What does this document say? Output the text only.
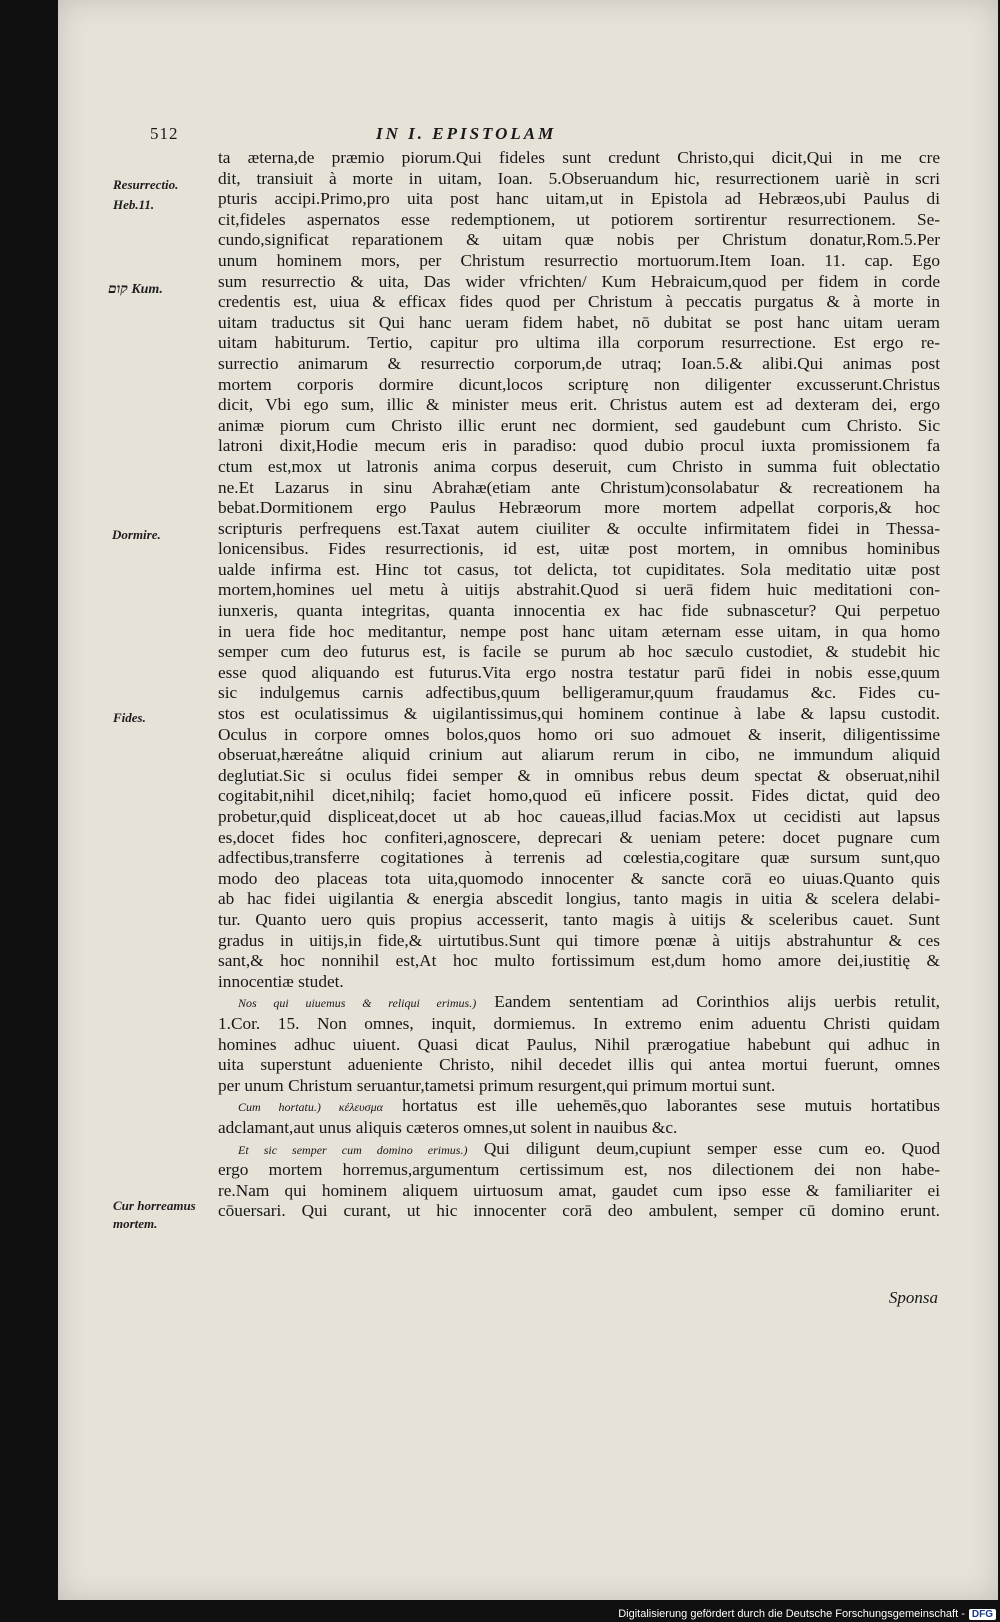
512	IN I. EPISTOLAM
Resurrectio.
Heb.11.
קום Kum.
Dormire.
Fides.
Cur horreamus
mortem.
ta æterna,de præmio piorum.Qui fideles sunt credunt Christo,qui dicit,Qui in me cre
dit, transiuit à morte in uitam, Ioan. 5.Obseruandum hic, resurrectionem uariè in scri
pturis accipi.Primo,pro uita post hanc uitam,ut in Epistola ad Hebræos,ubi Paulus di
cit,fideles aspernatos esse redemptionem, ut potiorem sortirentur resurrectionem. Se-
cundo,significat reparationem & uitam quæ nobis per Christum donatur,Rom.5.Per
unum hominem mors, per Christum resurrectio mortuorum.Item Ioan. 11. cap. Ego
sum resurrectio & uita, Das wider vfrichten/ Kum Hebraicum,quod per fidem in corde
credentis est, uiua & efficax fides quod per Christum à peccatis purgatus & à morte in
uitam traductus sit Qui hanc ueram fidem habet, nō dubitat se post hanc uitam ueram
uitam habiturum. Tertio, capitur pro ultima illa corporum resurrectione. Est ergo re-
surrectio animarum & resurrectio corporum,de utraq; Ioan.5.& alibi.Qui animas post
mortem corporis dormire dicunt,locos scripturę non diligenter excusserunt.Christus
dicit, Vbi ego sum, illic & minister meus erit. Christus autem est ad dexteram dei, ergo
animæ piorum cum Christo illic erunt nec dormient, sed gaudebunt cum Christo. Sic
latroni dixit,Hodie mecum eris in paradiso: quod dubio procul iuxta promissionem fa
ctum est,mox ut latronis anima corpus deseruit, cum Christo in summa fuit oblectatio
ne.Et Lazarus in sinu Abrahæ(etiam ante Christum)consolabatur & recreationem ha
bebat.Dormitionem ergo Paulus Hebræorum more mortem adpellat corporis,& hoc
scripturis perfrequens est.Taxat autem ciuiliter & occulte infirmitatem fidei in Thessa-
lonicensibus. Fides resurrectionis, id est, uitæ post mortem, in omnibus hominibus
ualde infirma est. Hinc tot casus, tot delicta, tot cupiditates. Sola meditatio uitæ post
mortem,homines uel metu à uitijs abstrahit.Quod si uerā fidem huic meditationi con-
iunxeris, quanta integritas, quanta innocentia ex hac fide subnascetur? Qui perpetuo
in uera fide hoc meditantur, nempe post hanc uitam æternam esse uitam, in qua homo
semper cum deo futurus est, is facile se purum ab hoc sæculo custodiet, & studebit hic
esse quod aliquando est futurus.Vita ergo nostra testatur parū fidei in nobis esse,quum
sic indulgemus carnis adfectibus,quum belligeramur,quum fraudamus &c. Fides cu-
stos est oculatissimus & uigilantissimus,qui hominem continue à labe & lapsu custodit.
Oculus in corpore omnes bolos,quos homo ori suo admouet & inserit, diligentissime
obseruat,hæreátne aliquid crinium aut aliarum rerum in cibo, ne immundum aliquid
deglutiat.Sic si oculus fidei semper & in omnibus rebus deum spectat & obseruat,nihil
cogitabit,nihil dicet,nihilq; faciet homo,quod eū inficere possit. Fides dictat, quid deo
probetur,quid displiceat,docet ut ab hoc caueas,illud facias.Mox ut cecidisti aut lapsus
es,docet fides hoc confiteri,agnoscere, deprecari & ueniam petere: docet pugnare cum
adfectibus,transferre cogitationes à terrenis ad cœlestia,cogitare quæ sursum sunt,quo
modo deo placeas tota uita,quomodo innocenter & sancte corā eo uiuas.Quanto quis
ab hac fidei uigilantia & energia abscedit longius, tanto magis in uitia & scelera delabi-
tur. Quanto uero quis propius accesserit, tanto magis à uitijs & sceleribus cauet. Sunt
gradus in uitijs,in fide,& uirtutibus.Sunt qui timore pœnæ à uitijs abstrahuntur & ces
sant,& hoc nonnihil est,At hoc multo fortissimum est,dum homo amore dei,iustitię &
innocentiæ studet.
Nos qui uiuemus & reliqui erimus.) Eandem sententiam ad Corinthios alijs uerbis retulit,
1.Cor. 15. Non omnes, inquit, dormiemus. In extremo enim aduentu Christi quidam
homines adhuc uiuent. Quasi dicat Paulus, Nihil prærogatiue habebunt qui adhuc in
uita superstunt adueniente Christo, nihil decedet illis qui antea mortui fuerunt, omnes
per unum Christum seruantur,tametsi primum resurgent,qui primum mortui sunt.
Cum hortatu.) κέλευσμα hortatus est ille uehemēs,quo laborantes sese mutuis hortatibus
adclamant,aut unus aliquis cæteros omnes,ut solent in nauibus &c.
Et sic semper cum domino erimus.) Qui diligunt deum,cupiunt semper esse cum eo. Quod
ergo mortem horremus,argumentum certissimum est, nos dilectionem dei non habe-
re.Nam qui hominem aliquem uirtuosum amat, gaudet cum ipso esse & familiariter ei
cōuersari. Qui curant, ut hic innocenter corā deo ambulent, semper cū domino erunt.
Sponsa
Digitalisierung gefördert durch die Deutsche Forschungsgemeinschaft - DFG
